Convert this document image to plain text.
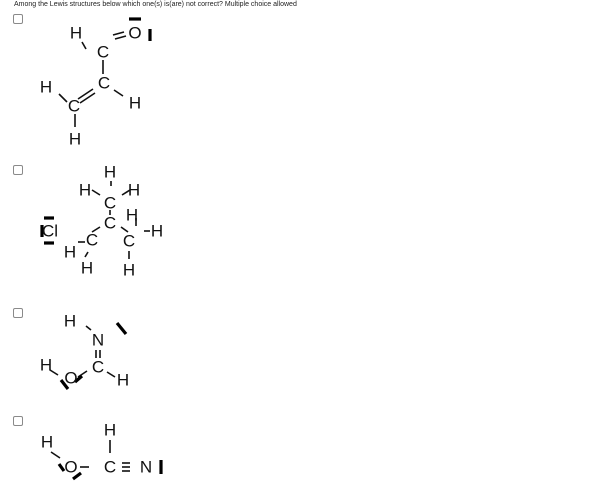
Among the Lewis structures below which one(s) is(are) not correct? Multiple choice allowed
H
C
O
H	C
C	H
H
H
H H
C
H
Cl	C
C	H
C
H
H H
H
N
C
H
O
H
H
H
O C N
